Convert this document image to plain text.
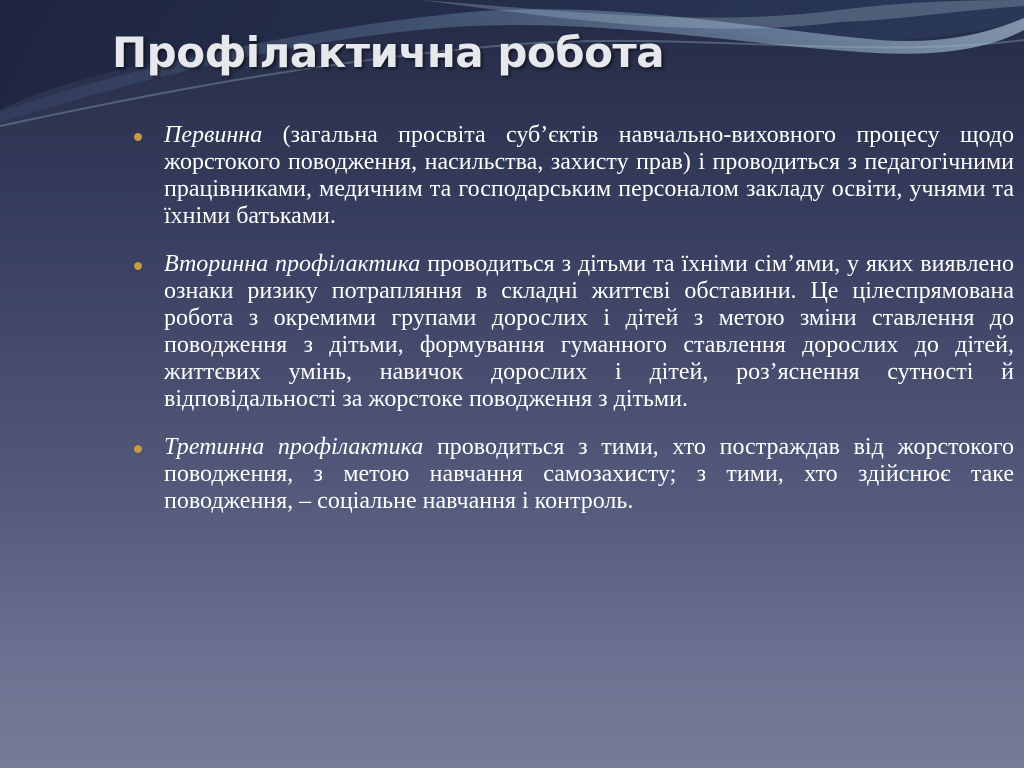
Профілактична робота

Первинна (загальна просвіта суб’єктів навчально-виховного процесу щодо жорстокого поводження, насильства, захисту прав) і проводиться з педагогічними працівниками, медичним та господарським персоналом закладу освіти, учнями та їхніми батьками.

Вторинна профілактика проводиться з дітьми та їхніми сім’ями, у яких виявлено ознаки ризику потрапляння в складні життєві обставини. Це цілеспрямована робота з окремими групами дорослих і дітей з метою зміни ставлення до поводження з дітьми, формування гуманного ставлення дорослих до дітей, життєвих умінь, навичок дорослих і дітей, роз’яснення сутності й відповідальності за жорстоке поводження з дітьми.

Третинна профілактика проводиться з тими, хто постраждав від жорстокого поводження, з метою навчання самозахисту; з тими, хто здійснює таке поводження, – соціальне навчання і контроль.
